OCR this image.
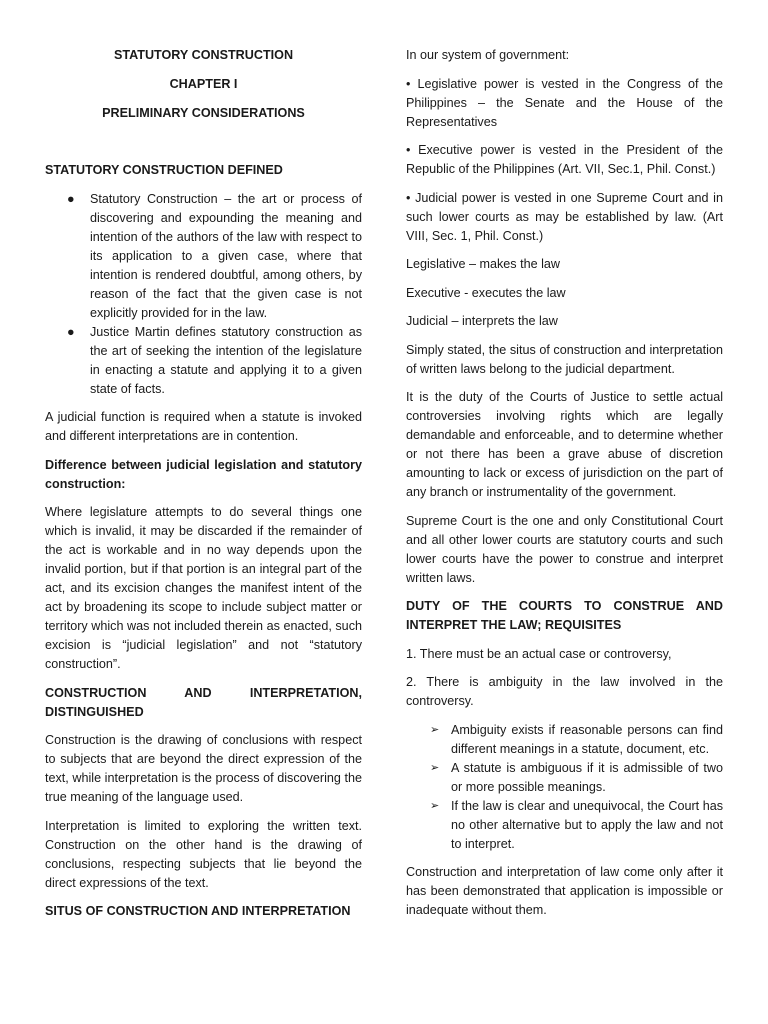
STATUTORY CONSTRUCTION

CHAPTER I

PRELIMINARY CONSIDERATIONS

STATUTORY CONSTRUCTION DEFINED

● Statutory Construction – the art or process of discovering and expounding the meaning and intention of the authors of the law with respect to its application to a given case, where that intention is rendered doubtful, among others, by reason of the fact that the given case is not explicitly provided for in the law.
● Justice Martin defines statutory construction as the art of seeking the intention of the legislature in enacting a statute and applying it to a given state of facts.

A judicial function is required when a statute is invoked and different interpretations are in contention.

Difference between judicial legislation and statutory construction:

Where legislature attempts to do several things one which is invalid, it may be discarded if the remainder of the act is workable and in no way depends upon the invalid portion, but if that portion is an integral part of the act, and its excision changes the manifest intent of the act by broadening its scope to include subject matter or territory which was not included therein as enacted, such excision is “judicial legislation” and not “statutory construction”.

CONSTRUCTION AND INTERPRETATION, DISTINGUISHED

Construction is the drawing of conclusions with respect to subjects that are beyond the direct expression of the text, while interpretation is the process of discovering the true meaning of the language used.

Interpretation is limited to exploring the written text. Construction on the other hand is the drawing of conclusions, respecting subjects that lie beyond the direct expressions of the text.

SITUS OF CONSTRUCTION AND INTERPRETATION

In our system of government:

• Legislative power is vested in the Congress of the Philippines – the Senate and the House of the Representatives

• Executive power is vested in the President of the Republic of the Philippines (Art. VII, Sec.1, Phil. Const.)

• Judicial power is vested in one Supreme Court and in such lower courts as may be established by law. (Art VIII, Sec. 1, Phil. Const.)

Legislative – makes the law

Executive - executes the law

Judicial – interprets the law

Simply stated, the situs of construction and interpretation of written laws belong to the judicial department.

It is the duty of the Courts of Justice to settle actual controversies involving rights which are legally demandable and enforceable, and to determine whether or not there has been a grave abuse of discretion amounting to lack or excess of jurisdiction on the part of any branch or instrumentality of the government.

Supreme Court is the one and only Constitutional Court and all other lower courts are statutory courts and such lower courts have the power to construe and interpret written laws.

DUTY OF THE COURTS TO CONSTRUE AND INTERPRET THE LAW; REQUISITES

1. There must be an actual case or controversy,

2. There is ambiguity in the law involved in the controversy.

➢ Ambiguity exists if reasonable persons can find different meanings in a statute, document, etc.
➢ A statute is ambiguous if it is admissible of two or more possible meanings.
➢ If the law is clear and unequivocal, the Court has no other alternative but to apply the law and not to interpret.

Construction and interpretation of law come only after it has been demonstrated that application is impossible or inadequate without them.
